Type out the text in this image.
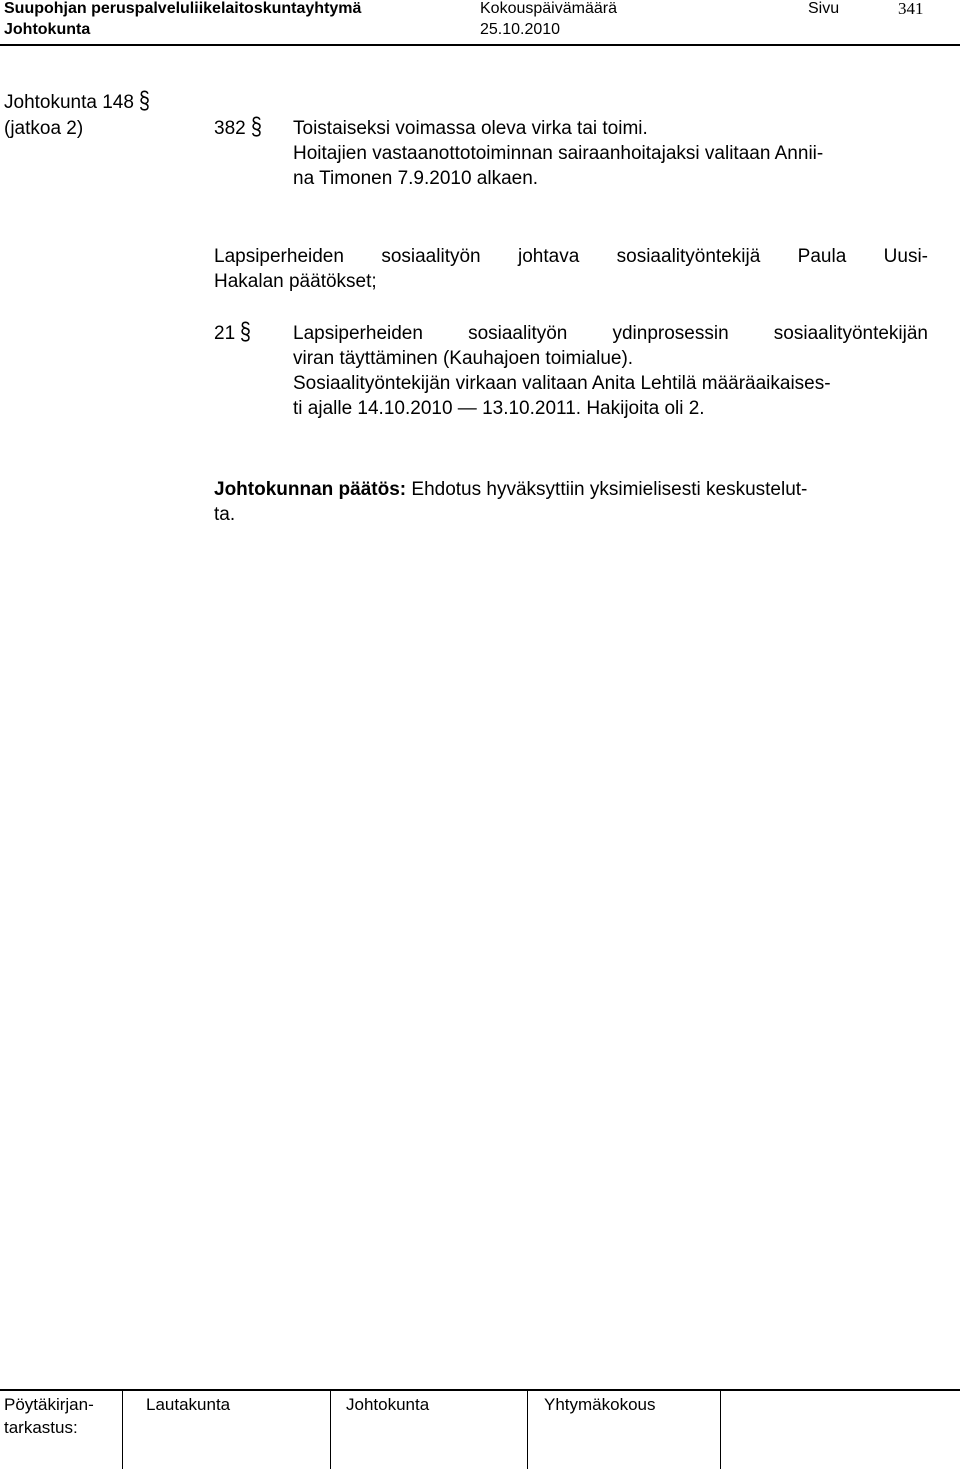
Suupohjan peruspalveluliikelaitoskuntayhtymä	Kokouspäivämäärä	Sivu	341
Johtokunta	25.10.2010
Johtokunta 148 §
(jatkoa 2)	382 § Toistaiseksi voimassa oleva virka tai toimi.
Hoitajien vastaanottotoiminnan sairaanhoitajaksi valitaan Annii-
na Timonen 7.9.2010 alkaen.
Lapsiperheiden sosiaalityön johtava sosiaalityöntekijä Paula Uusi-
Hakalan päätökset;
21 § Lapsiperheiden sosiaalityön ydinprosessin sosiaalityöntekijän
viran täyttäminen (Kauhajoen toimialue).
Sosiaalityöntekijän virkaan valitaan Anita Lehtilä määräaikaises-
ti ajalle 14.10.2010 — 13.10.2011. Hakijoita oli 2.
Johtokunnan päätös: Ehdotus hyväksyttiin yksimielisesti keskustelut-
ta.
Pöytäkirjan-
tarkastus:
Lautakunta	Johtokunta	Yhtymäkokous
